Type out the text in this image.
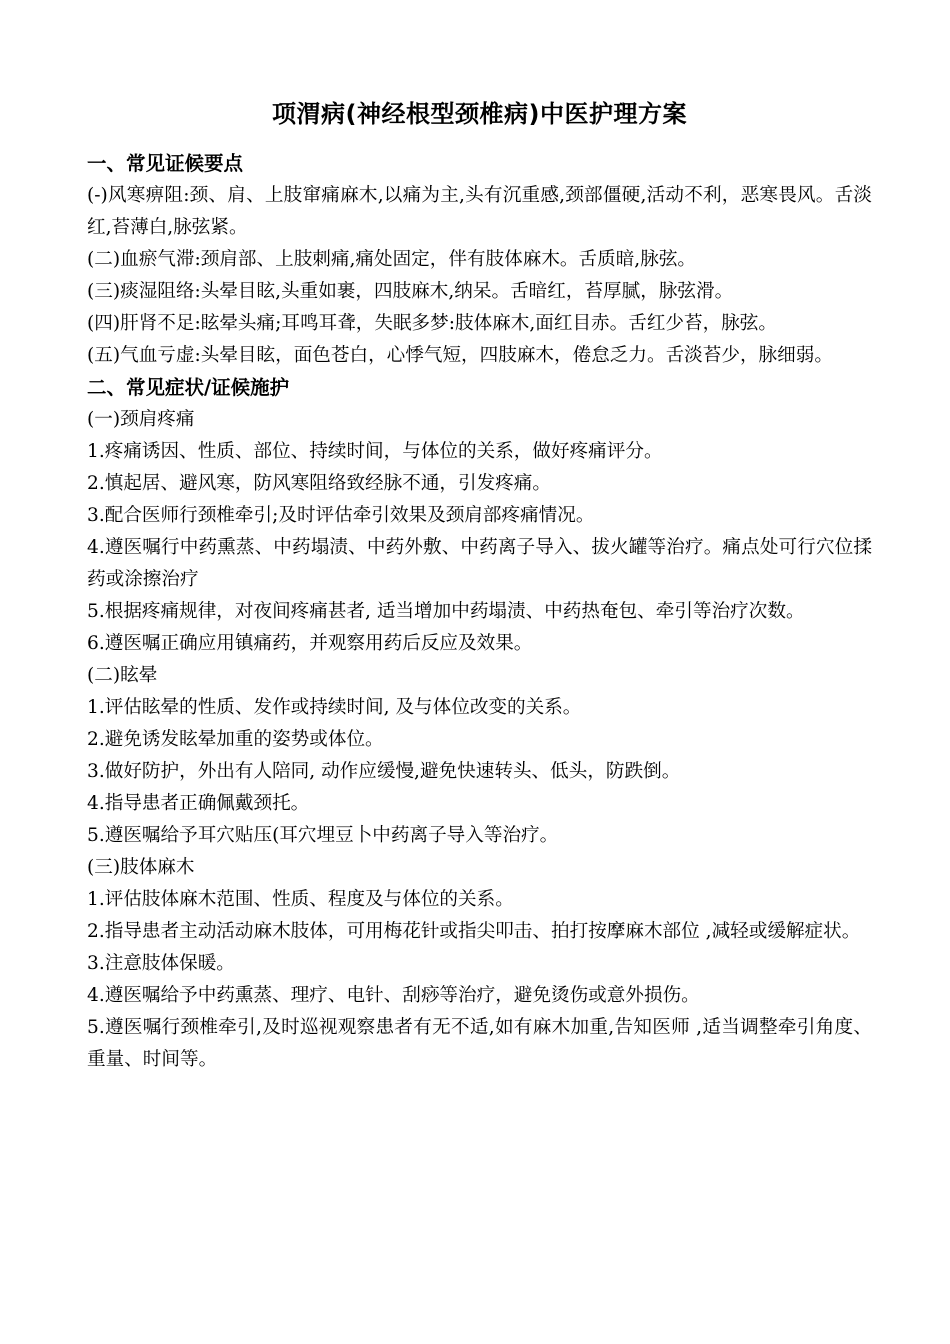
项渭病(神经根型颈椎病)中医护理方案

一、常见证候要点

(-)风寒痹阻:颈、肩、上肢窜痛麻木,以痛为主,头有沉重感,颈部僵硬,活动不利，恶寒畏风。舌淡红,苔薄白,脉弦紧。

(二)血瘀气滞:颈肩部、上肢刺痛,痛处固定，伴有肢体麻木。舌质暗,脉弦。

(三)痰湿阻络:头晕目眩,头重如裹，四肢麻木,纳呆。舌暗红，苔厚腻，脉弦滑。

(四)肝肾不足:眩晕头痛;耳鸣耳聋，失眠多梦:肢体麻木,面红目赤。舌红少苔，脉弦。

(五)气血亏虚:头晕目眩，面色苍白，心悸气短，四肢麻木，倦怠乏力。舌淡苔少，脉细弱。

二、常见症状/证候施护

(一)颈肩疼痛

1.疼痛诱因、性质、部位、持续时间，与体位的关系，做好疼痛评分。

2.慎起居、避风寒，防风寒阻络致经脉不通，引发疼痛。

3.配合医师行颈椎牵引;及时评估牵引效果及颈肩部疼痛情况。

4.遵医嘱行中药熏蒸、中药塌渍、中药外敷、中药离子导入、拔火罐等治疗。痛点处可行穴位揉药或涂擦治疗

5.根据疼痛规律，对夜间疼痛甚者, 适当增加中药塌渍、中药热奄包、牵引等治疗次数。

6.遵医嘱正确应用镇痛药，并观察用药后反应及效果。

(二)眩晕

1.评估眩晕的性质、发作或持续时间, 及与体位改变的关系。

2.避免诱发眩晕加重的姿势或体位。

3.做好防护，外出有人陪同, 动作应缓慢,避免快速转头、低头，防跌倒。

4.指导患者正确佩戴颈托。

5.遵医嘱给予耳穴贴压(耳穴埋豆卜中药离子导入等治疗。

(三)肢体麻木

1.评估肢体麻木范围、性质、程度及与体位的关系。

2.指导患者主动活动麻木肢体，可用梅花针或指尖叩击、拍打按摩麻木部位 ,减轻或缓解症状。

3.注意肢体保暖。

4.遵医嘱给予中药熏蒸、理疗、电针、刮痧等治疗，避免烫伤或意外损伤。

5.遵医嘱行颈椎牵引,及时巡视观察患者有无不适,如有麻木加重,告知医师 ,适当调整牵引角度、重量、时间等。
